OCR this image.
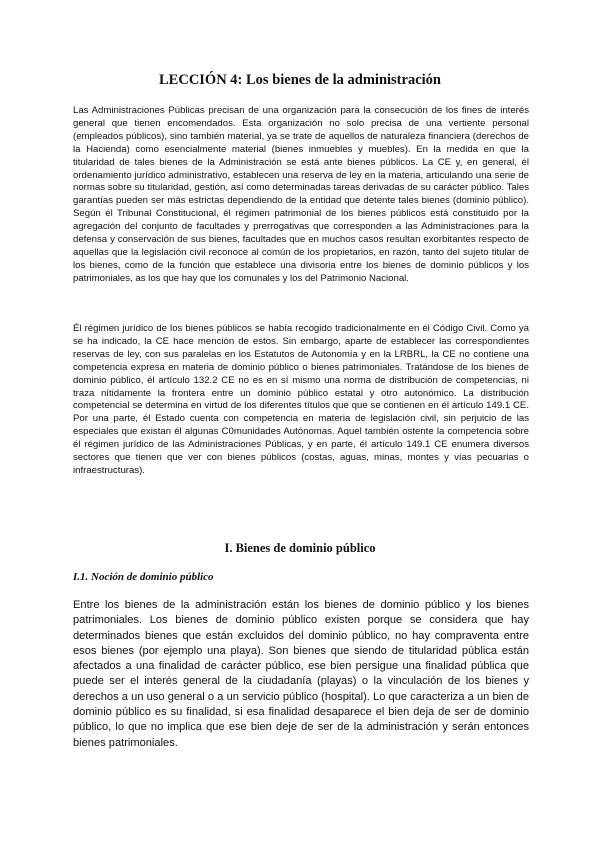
LECCIÓN 4: Los bienes de la administración

Las Administraciones Públicas precisan de una organización para la consecución de los fines de interés general que tienen encomendados. Esta organización no solo precisa de una vertiente personal (empleados públicos), sino también material, ya se trate de aquellos de naturaleza financiera (derechos de la Hacienda) como esencialmente material (bienes inmuebles y muebles). En la medida en que la titularidad de tales bienes de la Administración se está ante bienes públicos. La CE y, en general, él ordenamiento jurídico administrativo, establecen una reserva de ley en la materia, articulando una serie de normas sobre su titularidad, gestión, así como determinadas tareas derivadas de su carácter público. Tales garantías pueden ser más estrictas dependiendo de la entidad que detente tales bienes (dominio público). Según él Tribunal Constitucional, él régimen patrimonial de los bienes públicos está constituido por la agregación del conjunto de facultades y prerrogativas que corresponden a las Administraciones para la defensa y conservación de sus bienes, facultades que en muchos casos resultan exorbitantes respecto de aquellas que la legislación civil reconoce al común de los propietarios, en razón, tanto del sujeto titular de los bienes, como de la función que establece una divisoria entre los bienes de dominio públicos y los patrimoniales, as los que hay que los comunales y los del Patrimonio Nacional.

Él régimen jurídico de los bienes públicos se había recogido tradicionalmente en él Código Civil. Como ya se ha indicado, la CE hace mención de estos. Sin embargo, aparte de establecer las correspondientes reservas de ley, con sus paralelas en los Estatutos de Autonomía y en la LRBRL, la CE no contiene una competencia expresa en materia de dominio público o bienes patrimoniales. Tratándose de los bienes de dominio público, él artículo 132.2 CE no es en sí mismo una norma de distribución de competencias, ni traza nítidamente la frontera entre un dominio público estatal y otro autonómico. La distribución competencial se determina en virtud de los diferentes títulos que que se contienen en él artículo 149.1 CE. Por una parte, él Estado cuenta con competencia en materia de legislación civil, sin perjuicio de las especiales que existan él algunas C0munidades Autónomas. Aquel también ostente la competencia sobre él régimen jurídico de las Administraciones Públicas, y en parte, él artículo 149.1 CE enumera diversos sectores que tienen que ver con bienes públicos (costas, aguas, minas, montes y vías pecuarias o infraestructuras).

I. Bienes de dominio público
I.1. Noción de dominio público

Entre los bienes de la administración están los bienes de dominio público y los bienes patrimoniales. Los bienes de dominio público existen porque se considera que hay determinados bienes que están excluidos del dominio público, no hay compraventa entre esos bienes (por ejemplo una playa). Son bienes que siendo de titularidad pública están afectados a una finalidad de carácter público, ese bien persigue una finalidad pública que puede ser el interés general de la ciudadanía (playas) o la vinculación de los bienes y derechos a un uso general o a un servicio público (hospital). Lo que caracteriza a un bien de dominio público es su finalidad, si esa finalidad desaparece el bien deja de ser de dominio público, lo que no implica que ese bien deje de ser de la administración y serán entonces bienes patrimoniales.
